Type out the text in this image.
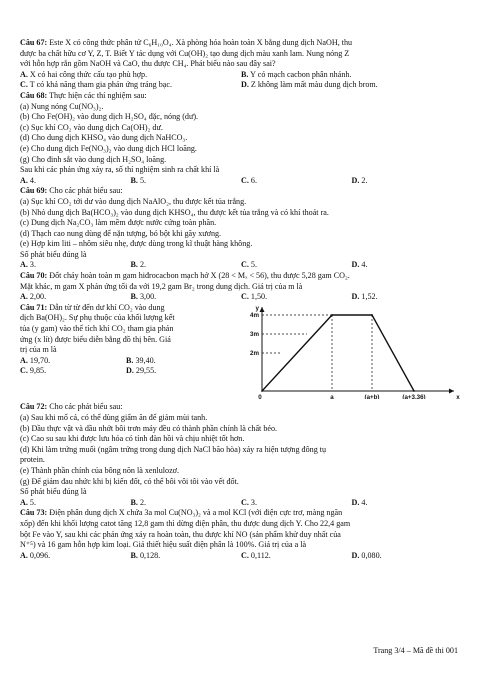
Câu 67: Este X có công thức phân tử C₆H₁₀O₄. Xà phòng hóa hoàn toàn X bằng dung dịch NaOH, thu
được ba chất hữu cơ Y, Z, T. Biết Y tác dụng với Cu(OH)₂ tạo dung dịch màu xanh lam. Nung nóng Z
với hỗn hợp rắn gồm NaOH và CaO, thu được CH₄. Phát biểu nào sau đây sai?
A. X có hai công thức cấu tạo phù hợp.	B. Y có mạch cacbon phân nhánh.
C. T có khả năng tham gia phản ứng tráng bạc.	D. Z không làm mất màu dung dịch brom.
Câu 68: Thực hiện các thí nghiệm sau:
(a) Nung nóng Cu(NO₃)₂.
(b) Cho Fe(OH)₂ vào dung dịch H₂SO₄ đặc, nóng (dư).
(c) Sục khí CO₂ vào dung dịch Ca(OH)₂ dư.
(d) Cho dung dịch KHSO₄ vào dung dịch NaHCO₃.
(e) Cho dung dịch Fe(NO₃)₂ vào dung dịch HCl loãng.
(g) Cho đinh sắt vào dung dịch H₂SO₄ loãng.
Sau khi các phản ứng xảy ra, số thí nghiệm sinh ra chất khí là
A. 4.	B. 5.	C. 6.	D. 2.
Câu 69: Cho các phát biểu sau:
(a) Sục khí CO₂ tới dư vào dung dịch NaAlO₂, thu được kết tủa trắng.
(b) Nhỏ dung dịch Ba(HCO₃)₂ vào dung dịch KHSO₄, thu được kết tủa trắng và có khí thoát ra.
(c) Dung dịch Na₂CO₃ làm mềm được nước cứng toàn phần.
(d) Thạch cao nung dùng để nặn tượng, bó bột khi gãy xương.
(e) Hợp kim liti – nhôm siêu nhẹ, được dùng trong kĩ thuật hàng không.
Số phát biểu đúng là
A. 3.	B. 2.	C. 5.	D. 4.
Câu 70: Đốt cháy hoàn toàn m gam hiđrocacbon mạch hở X (28 < Mₓ < 56), thu được 5,28 gam CO₂.
Mặt khác, m gam X phản ứng tối đa với 19,2 gam Br₂ trong dung dịch. Giá trị của m là
A. 2,00.	B. 3,00.	C. 1,50.	D. 1,52.
Câu 71: Dẫn từ từ đến dư khí CO₂ vào dung
dịch Ba(OH)₂. Sự phụ thuộc của khối lượng kết
tủa (y gam) vào thể tích khí CO₂ tham gia phản
ứng (x lít) được biểu diễn bằng đồ thị bên. Giá
trị của m là
A. 19,70.	B. 39,40.
C. 9,85.	D. 29,55.
y
2m
3m
4m
0	a	(a+b)	(a+3,36)	x
Câu 72: Cho các phát biểu sau:
(a) Sau khi mổ cá, có thể dùng giấm ăn để giảm mùi tanh.
(b) Dầu thực vật và dầu nhớt bôi trơn máy đều có thành phần chính là chất béo.
(c) Cao su sau khi được lưu hóa có tính đàn hồi và chịu nhiệt tốt hơn.
(d) Khi làm trứng muối (ngâm trứng trong dung dịch NaCl bão hòa) xảy ra hiện tượng đông tụ
protein.
(e) Thành phần chính của bông nõn là xenlulozơ.
(g) Để giảm đau nhức khi bị kiến đốt, có thể bôi vôi tôi vào vết đốt.
Số phát biểu đúng là
A. 5.	B. 2.	C. 3.	D. 4.
Câu 73: Điện phân dung dịch X chứa 3a mol Cu(NO₃)₂ và a mol KCl (với điện cực trơ, màng ngăn
xốp) đến khi khối lượng catot tăng 12,8 gam thì dừng điện phân, thu được dung dịch Y. Cho 22,4 gam
bột Fe vào Y, sau khi các phản ứng xảy ra hoàn toàn, thu được khí NO (sản phẩm khử duy nhất của
N⁺⁵) và 16 gam hỗn hợp kim loại. Giả thiết hiệu suất điện phân là 100%. Giá trị của a là
A. 0,096.	B. 0,128.	C. 0,112.	D. 0,080.
Trang 3/4 – Mã đề thi 001
